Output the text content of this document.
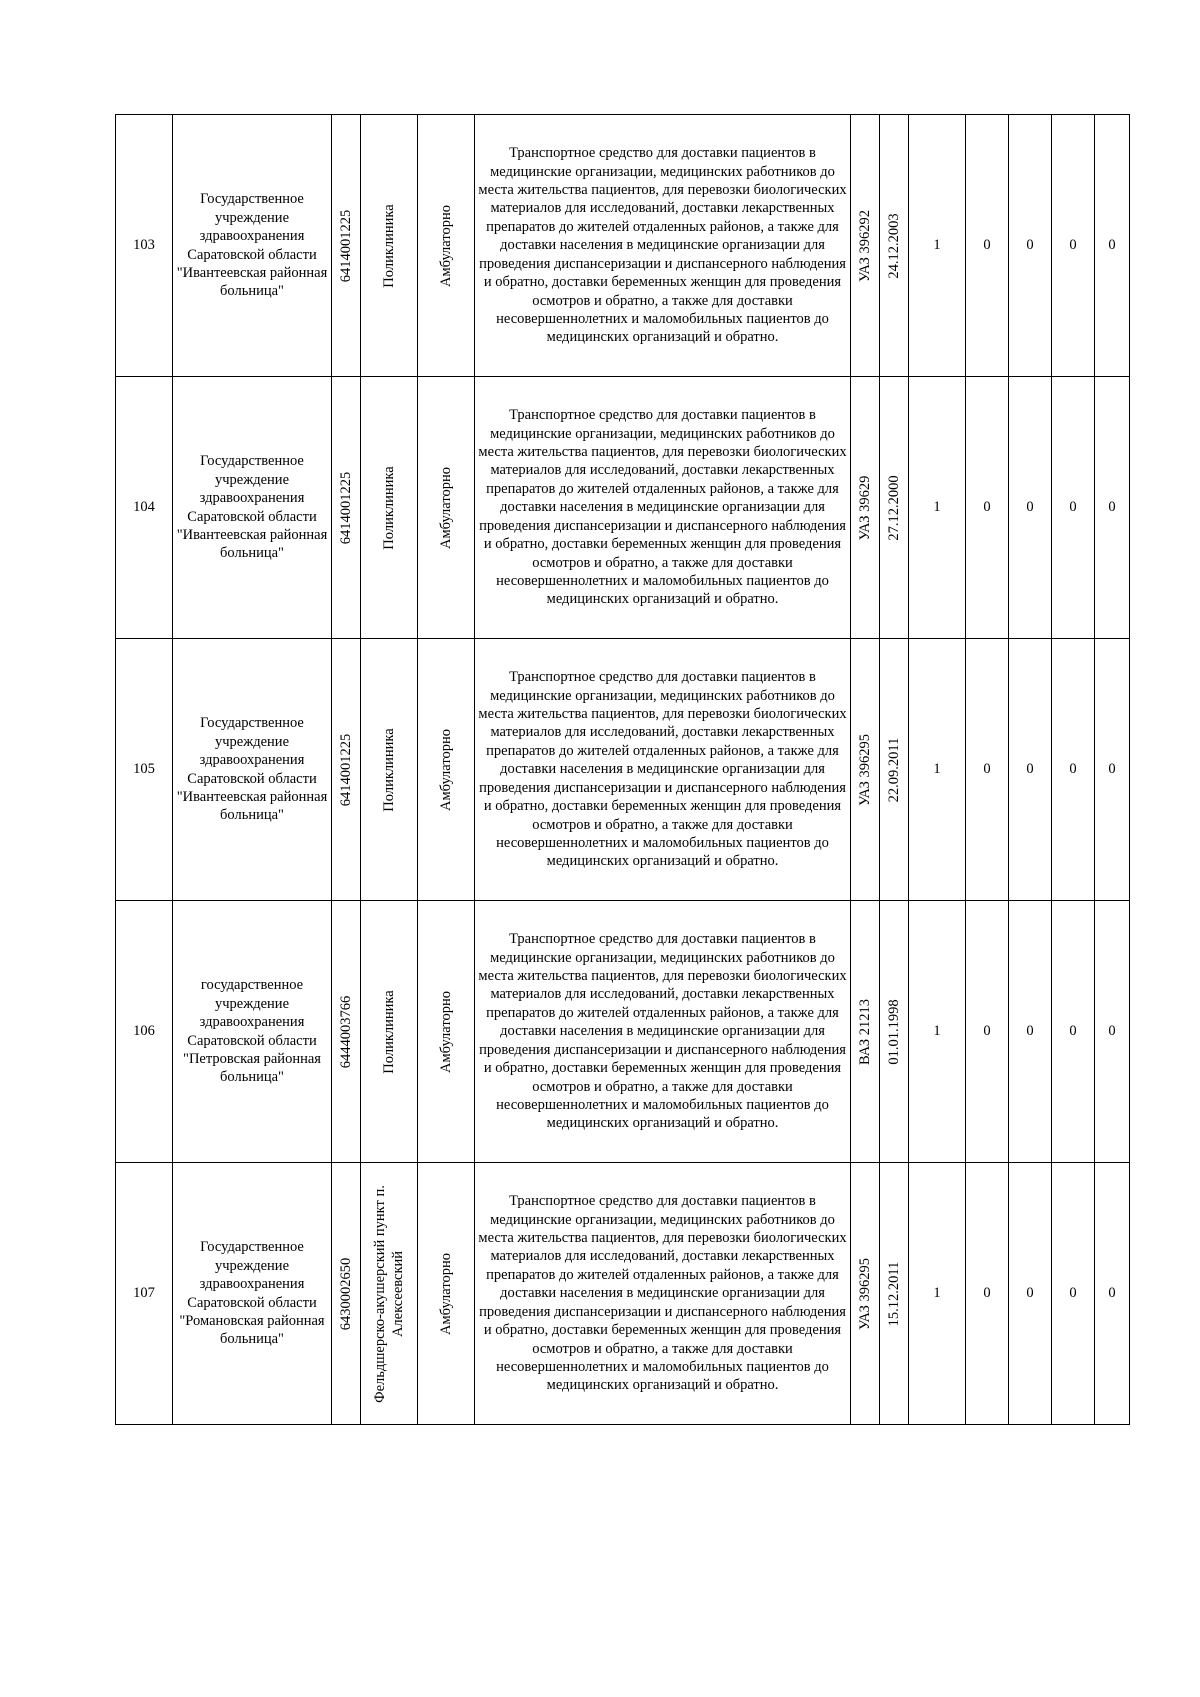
103	Государственное учреждение здравоохранения Саратовской области "Ивантеевская районная больница"	6414001225	Поликлиника	Амбулаторно	Транспортное средство для доставки пациентов в медицинские организации, медицинских работников до места жительства пациентов, для перевозки биологических материалов для исследований, доставки лекарственных препаратов до жителей отдаленных районов, а также для доставки населения в медицинские организации для проведения диспансеризации и диспансерного наблюдения и обратно, доставки беременных женщин для проведения осмотров и обратно, а также для доставки несовершеннолетних и маломобильных пациентов до медицинских организаций и обратно.	УАЗ 396292	24.12.2003	1	0	0	0	0
104	Государственное учреждение здравоохранения Саратовской области "Ивантеевская районная больница"	6414001225	Поликлиника	Амбулаторно	Транспортное средство для доставки пациентов в медицинские организации, медицинских работников до места жительства пациентов, для перевозки биологических материалов для исследований, доставки лекарственных препаратов до жителей отдаленных районов, а также для доставки населения в медицинские организации для проведения диспансеризации и диспансерного наблюдения и обратно, доставки беременных женщин для проведения осмотров и обратно, а также для доставки несовершеннолетних и маломобильных пациентов до медицинских организаций и обратно.	УАЗ 39629	27.12.2000	1	0	0	0	0
105	Государственное учреждение здравоохранения Саратовской области "Ивантеевская районная больница"	6414001225	Поликлиника	Амбулаторно	Транспортное средство для доставки пациентов в медицинские организации, медицинских работников до места жительства пациентов, для перевозки биологических материалов для исследований, доставки лекарственных препаратов до жителей отдаленных районов, а также для доставки населения в медицинские организации для проведения диспансеризации и диспансерного наблюдения и обратно, доставки беременных женщин для проведения осмотров и обратно, а также для доставки несовершеннолетних и маломобильных пациентов до медицинских организаций и обратно.	УАЗ 396295	22.09.2011	1	0	0	0	0
106	государственное учреждение здравоохранения Саратовской области "Петровская районная больница"	6444003766	Поликлиника	Амбулаторно	Транспортное средство для доставки пациентов в медицинские организации, медицинских работников до места жительства пациентов, для перевозки биологических материалов для исследований, доставки лекарственных препаратов до жителей отдаленных районов, а также для доставки населения в медицинские организации для проведения диспансеризации и диспансерного наблюдения и обратно, доставки беременных женщин для проведения осмотров и обратно, а также для доставки несовершеннолетних и маломобильных пациентов до медицинских организаций и обратно.	ВАЗ 21213	01.01.1998	1	0	0	0	0
107	Государственное учреждение здравоохранения Саратовской области "Романовская районная больница"	6430002650	Фельдшерско-акушерский пункт п. Алексеевский	Амбулаторно	Транспортное средство для доставки пациентов в медицинские организации, медицинских работников до места жительства пациентов, для перевозки биологических материалов для исследований, доставки лекарственных препаратов до жителей отдаленных районов, а также для доставки населения в медицинские организации для проведения диспансеризации и диспансерного наблюдения и обратно, доставки беременных женщин для проведения осмотров и обратно, а также для доставки несовершеннолетних и маломобильных пациентов до медицинских организаций и обратно.	УАЗ 396295	15.12.2011	1	0	0	0	0
